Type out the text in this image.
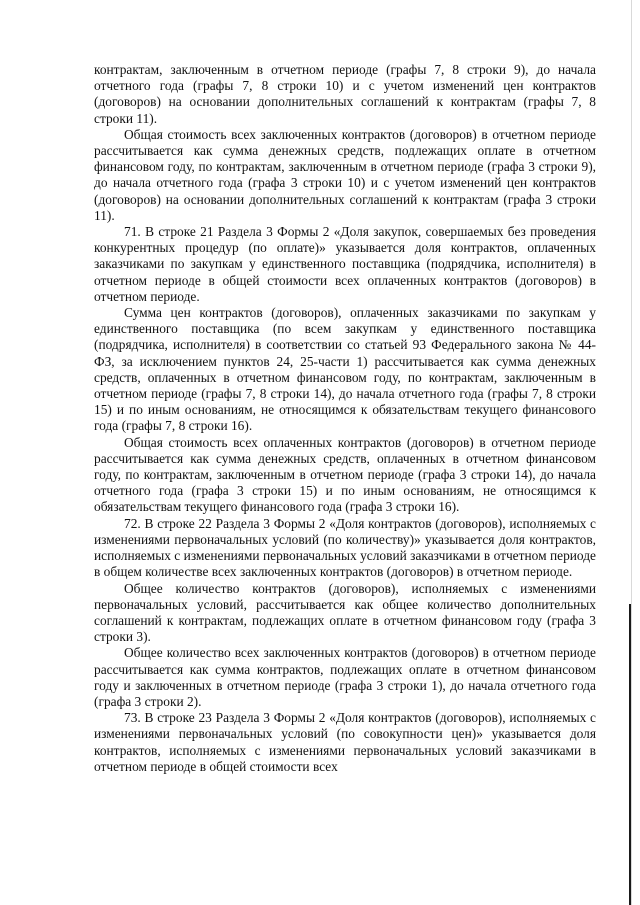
контрактам, заключенным в отчетном периоде (графы 7, 8 строки 9), до начала отчетного года (графы 7, 8 строки 10) и с учетом изменений цен контрактов (договоров) на основании дополнительных соглашений к контрактам (графы 7, 8 строки 11).

Общая стоимость всех заключенных контрактов (договоров) в отчетном периоде рассчитывается как сумма денежных средств, подлежащих оплате в отчетном финансовом году, по контрактам, заключенным в отчетном периоде (графа 3 строки 9), до начала отчетного года (графа 3 строки 10) и с учетом изменений цен контрактов (договоров) на основании дополнительных соглашений к контрактам (графа 3 строки 11).

71. В строке 21 Раздела 3 Формы 2 «Доля закупок, совершаемых без проведения конкурентных процедур (по оплате)» указывается доля контрактов, оплаченных заказчиками по закупкам у единственного поставщика (подрядчика, исполнителя) в отчетном периоде в общей стоимости всех оплаченных контрактов (договоров) в отчетном периоде.

Сумма цен контрактов (договоров), оплаченных заказчиками по закупкам у единственного поставщика (по всем закупкам у единственного поставщика (подрядчика, исполнителя) в соответствии со статьей 93 Федерального закона № 44-ФЗ, за исключением пунктов 24, 25-части 1) рассчитывается как сумма денежных средств, оплаченных в отчетном финансовом году, по контрактам, заключенным в отчетном периоде (графы 7, 8 строки 14), до начала отчетного года (графы 7, 8 строки 15) и по иным основаниям, не относящимся к обязательствам текущего финансового года (графы 7, 8 строки 16).

Общая стоимость всех оплаченных контрактов (договоров) в отчетном периоде рассчитывается как сумма денежных средств, оплаченных в отчетном финансовом году, по контрактам, заключенным в отчетном периоде (графа 3 строки 14), до начала отчетного года (графа 3 строки 15) и по иным основаниям, не относящимся к обязательствам текущего финансового года (графа 3 строки 16).

72. В строке 22 Раздела 3 Формы 2 «Доля контрактов (договоров), исполняемых с изменениями первоначальных условий (по количеству)» указывается доля контрактов, исполняемых с изменениями первоначальных условий заказчиками в отчетном периоде в общем количестве всех заключенных контрактов (договоров) в отчетном периоде.

Общее количество контрактов (договоров), исполняемых с изменениями первоначальных условий, рассчитывается как общее количество дополнительных соглашений к контрактам, подлежащих оплате в отчетном финансовом году (графа 3 строки 3).

Общее количество всех заключенных контрактов (договоров) в отчетном периоде рассчитывается как сумма контрактов, подлежащих оплате в отчетном финансовом году и заключенных в отчетном периоде (графа 3 строки 1), до начала отчетного года (графа 3 строки 2).

73. В строке 23 Раздела 3 Формы 2 «Доля контрактов (договоров), исполняемых с изменениями первоначальных условий (по совокупности цен)» указывается доля контрактов, исполняемых с изменениями первоначальных условий заказчиками в отчетном периоде в общей стоимости всех
